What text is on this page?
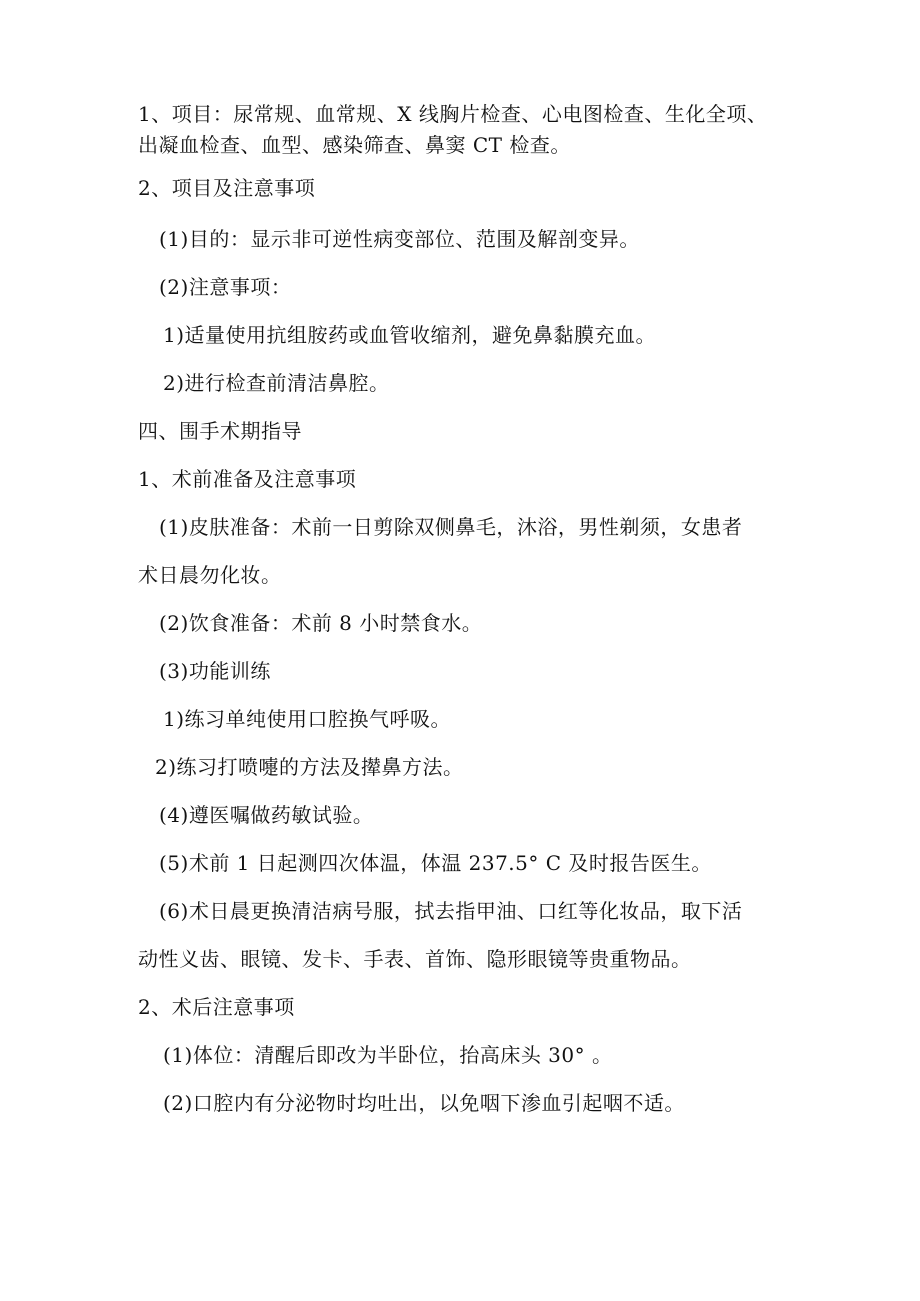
1、项目：尿常规、血常规、X 线胸片检查、心电图检查、生化全项、
出凝血检查、血型、感染筛查、鼻窦 CT 检查。
2、项目及注意事项
(1)目的：显示非可逆性病变部位、范围及解剖变异。
(2)注意事项：
1)适量使用抗组胺药或血管收缩剂，避免鼻黏膜充血。
2)进行检查前清洁鼻腔。
四、围手术期指导
1、术前准备及注意事项
(1)皮肤准备：术前一日剪除双侧鼻毛，沐浴，男性剃须，女患者
术日晨勿化妆。
(2)饮食准备：术前 8 小时禁食水。
(3)功能训练
1)练习单纯使用口腔换气呼吸。
2)练习打喷嚏的方法及撵鼻方法。
(4)遵医嘱做药敏试验。
(5)术前 1 日起测四次体温，体温 237.5° C 及时报告医生。
(6)术日晨更换清洁病号服，拭去指甲油、口红等化妆品，取下活
动性义齿、眼镜、发卡、手表、首饰、隐形眼镜等贵重物品。
2、术后注意事项
(1)体位：清醒后即改为半卧位，抬高床头 30° 。
(2)口腔内有分泌物时均吐出，以免咽下渗血引起咽不适。
